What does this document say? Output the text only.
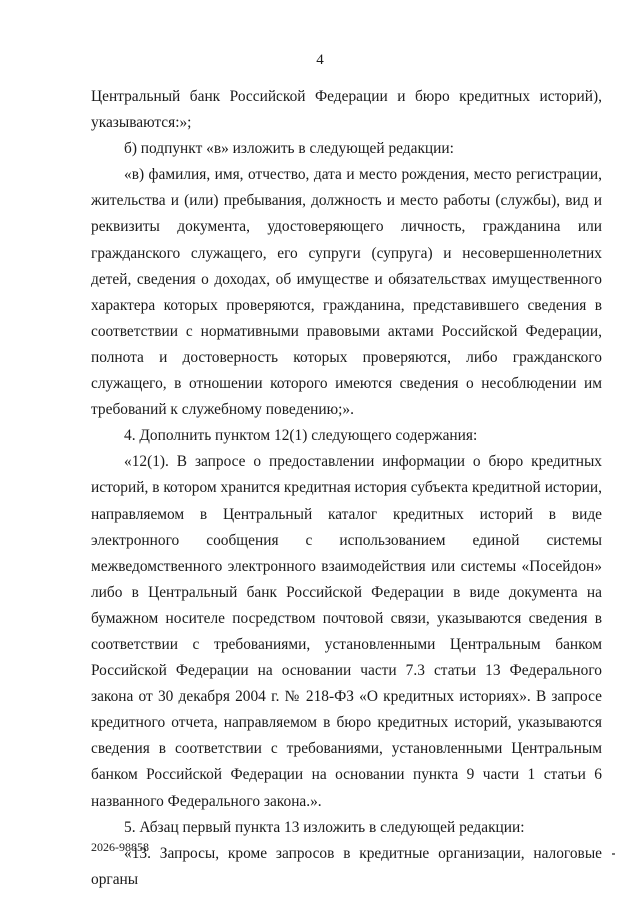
4

Центральный банк Российской Федерации и бюро кредитных историй), указываются:»;

б) подпункт «в» изложить в следующей редакции:

«в) фамилия, имя, отчество, дата и место рождения, место регистрации, жительства и (или) пребывания, должность и место работы (службы), вид и реквизиты документа, удостоверяющего личность, гражданина или гражданского служащего, его супруги (супруга) и несовершеннолетних детей, сведения о доходах, об имуществе и обязательствах имущественного характера которых проверяются, гражданина, представившего сведения в соответствии с нормативными правовыми актами Российской Федерации, полнота и достоверность которых проверяются, либо гражданского служащего, в отношении которого имеются сведения о несоблюдении им требований к служебному поведению;».

4. Дополнить пунктом 12(1) следующего содержания:

«12(1). В запросе о предоставлении информации о бюро кредитных историй, в котором хранится кредитная история субъекта кредитной истории, направляемом в Центральный каталог кредитных историй в виде электронного сообщения с использованием единой системы межведомственного электронного взаимодействия или системы «Посейдон» либо в Центральный банк Российской Федерации в виде документа на бумажном носителе посредством почтовой связи, указываются сведения в соответствии с требованиями, установленными Центральным банком Российской Федерации на основании части 7.3 статьи 13 Федерального закона от 30 декабря 2004 г. № 218-ФЗ «О кредитных историях». В запросе кредитного отчета, направляемом в бюро кредитных историй, указываются сведения в соответствии с требованиями, установленными Центральным банком Российской Федерации на основании пункта 9 части 1 статьи 6 названного Федерального закона.».

5. Абзац первый пункта 13 изложить в следующей редакции:

«13. Запросы, кроме запросов в кредитные организации, налоговые органы

2026-98858
